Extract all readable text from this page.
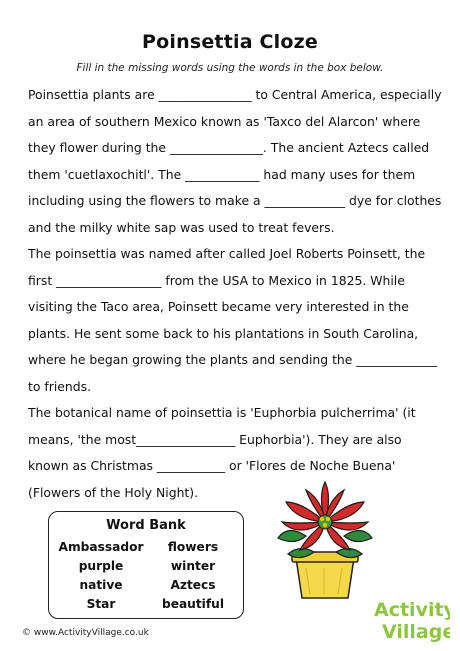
Poinsettia Cloze
Fill in the missing words using the words in the box below.
Poinsettia plants are _______________ to Central America, especially
an area of southern Mexico known as 'Taxco del Alarcon' where
they flower during the _______________. The ancient Aztecs called
them 'cuetlaxochitl'. The ____________ had many uses for them
including using the flowers to make a _____________ dye for clothes
and the milky white sap was used to treat fevers.
The poinsettia was named after called Joel Roberts Poinsett, the
first _________________ from the USA to Mexico in 1825. While
visiting the Taco area, Poinsett became very interested in the
plants. He sent some back to his plantations in South Carolina,
where he began growing the plants and sending the _____________
to friends.
The botanical name of poinsettia is 'Euphorbia pulcherrima' (it
means, 'the most________________ Euphorbia'). They are also
known as Christmas ___________ or 'Flores de Noche Buena'
(Flowers of the Holy Night).
Word Bank
Ambassador	flowers
purple	winter
native	Aztecs
Star	beautiful
© www.ActivityVillage.co.uk
Activity
Village
